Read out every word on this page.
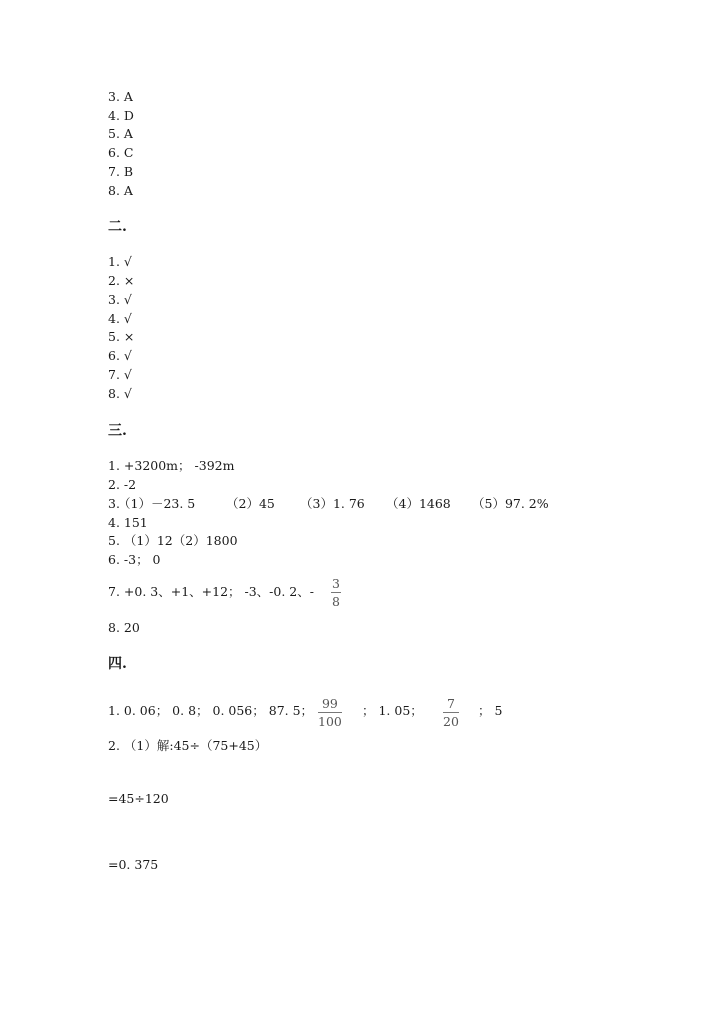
3. A
4. D
5. A
6. C
7. B
8. A
二.
1. √
2. ×
3. √
4. √
5. ×
6. √
7. √
8. √
三.
1. +3200m； -392m
2. -2
3.
（1）－23. 5 （2）45 （3）1. 76 （4）1468 （5）97. 2%
4. 151
5. （1）12（2）1800
6. -3； 0
7. +0. 3、+1、+12； -3、-0. 2、-
3
8
8. 20
四.
1. 0. 06； 0. 8； 0. 056； 87. 5； 99
100
； 1. 05； 7
20
； 5
2. （1）解:45÷（75+45）
=45÷120
=0. 375
